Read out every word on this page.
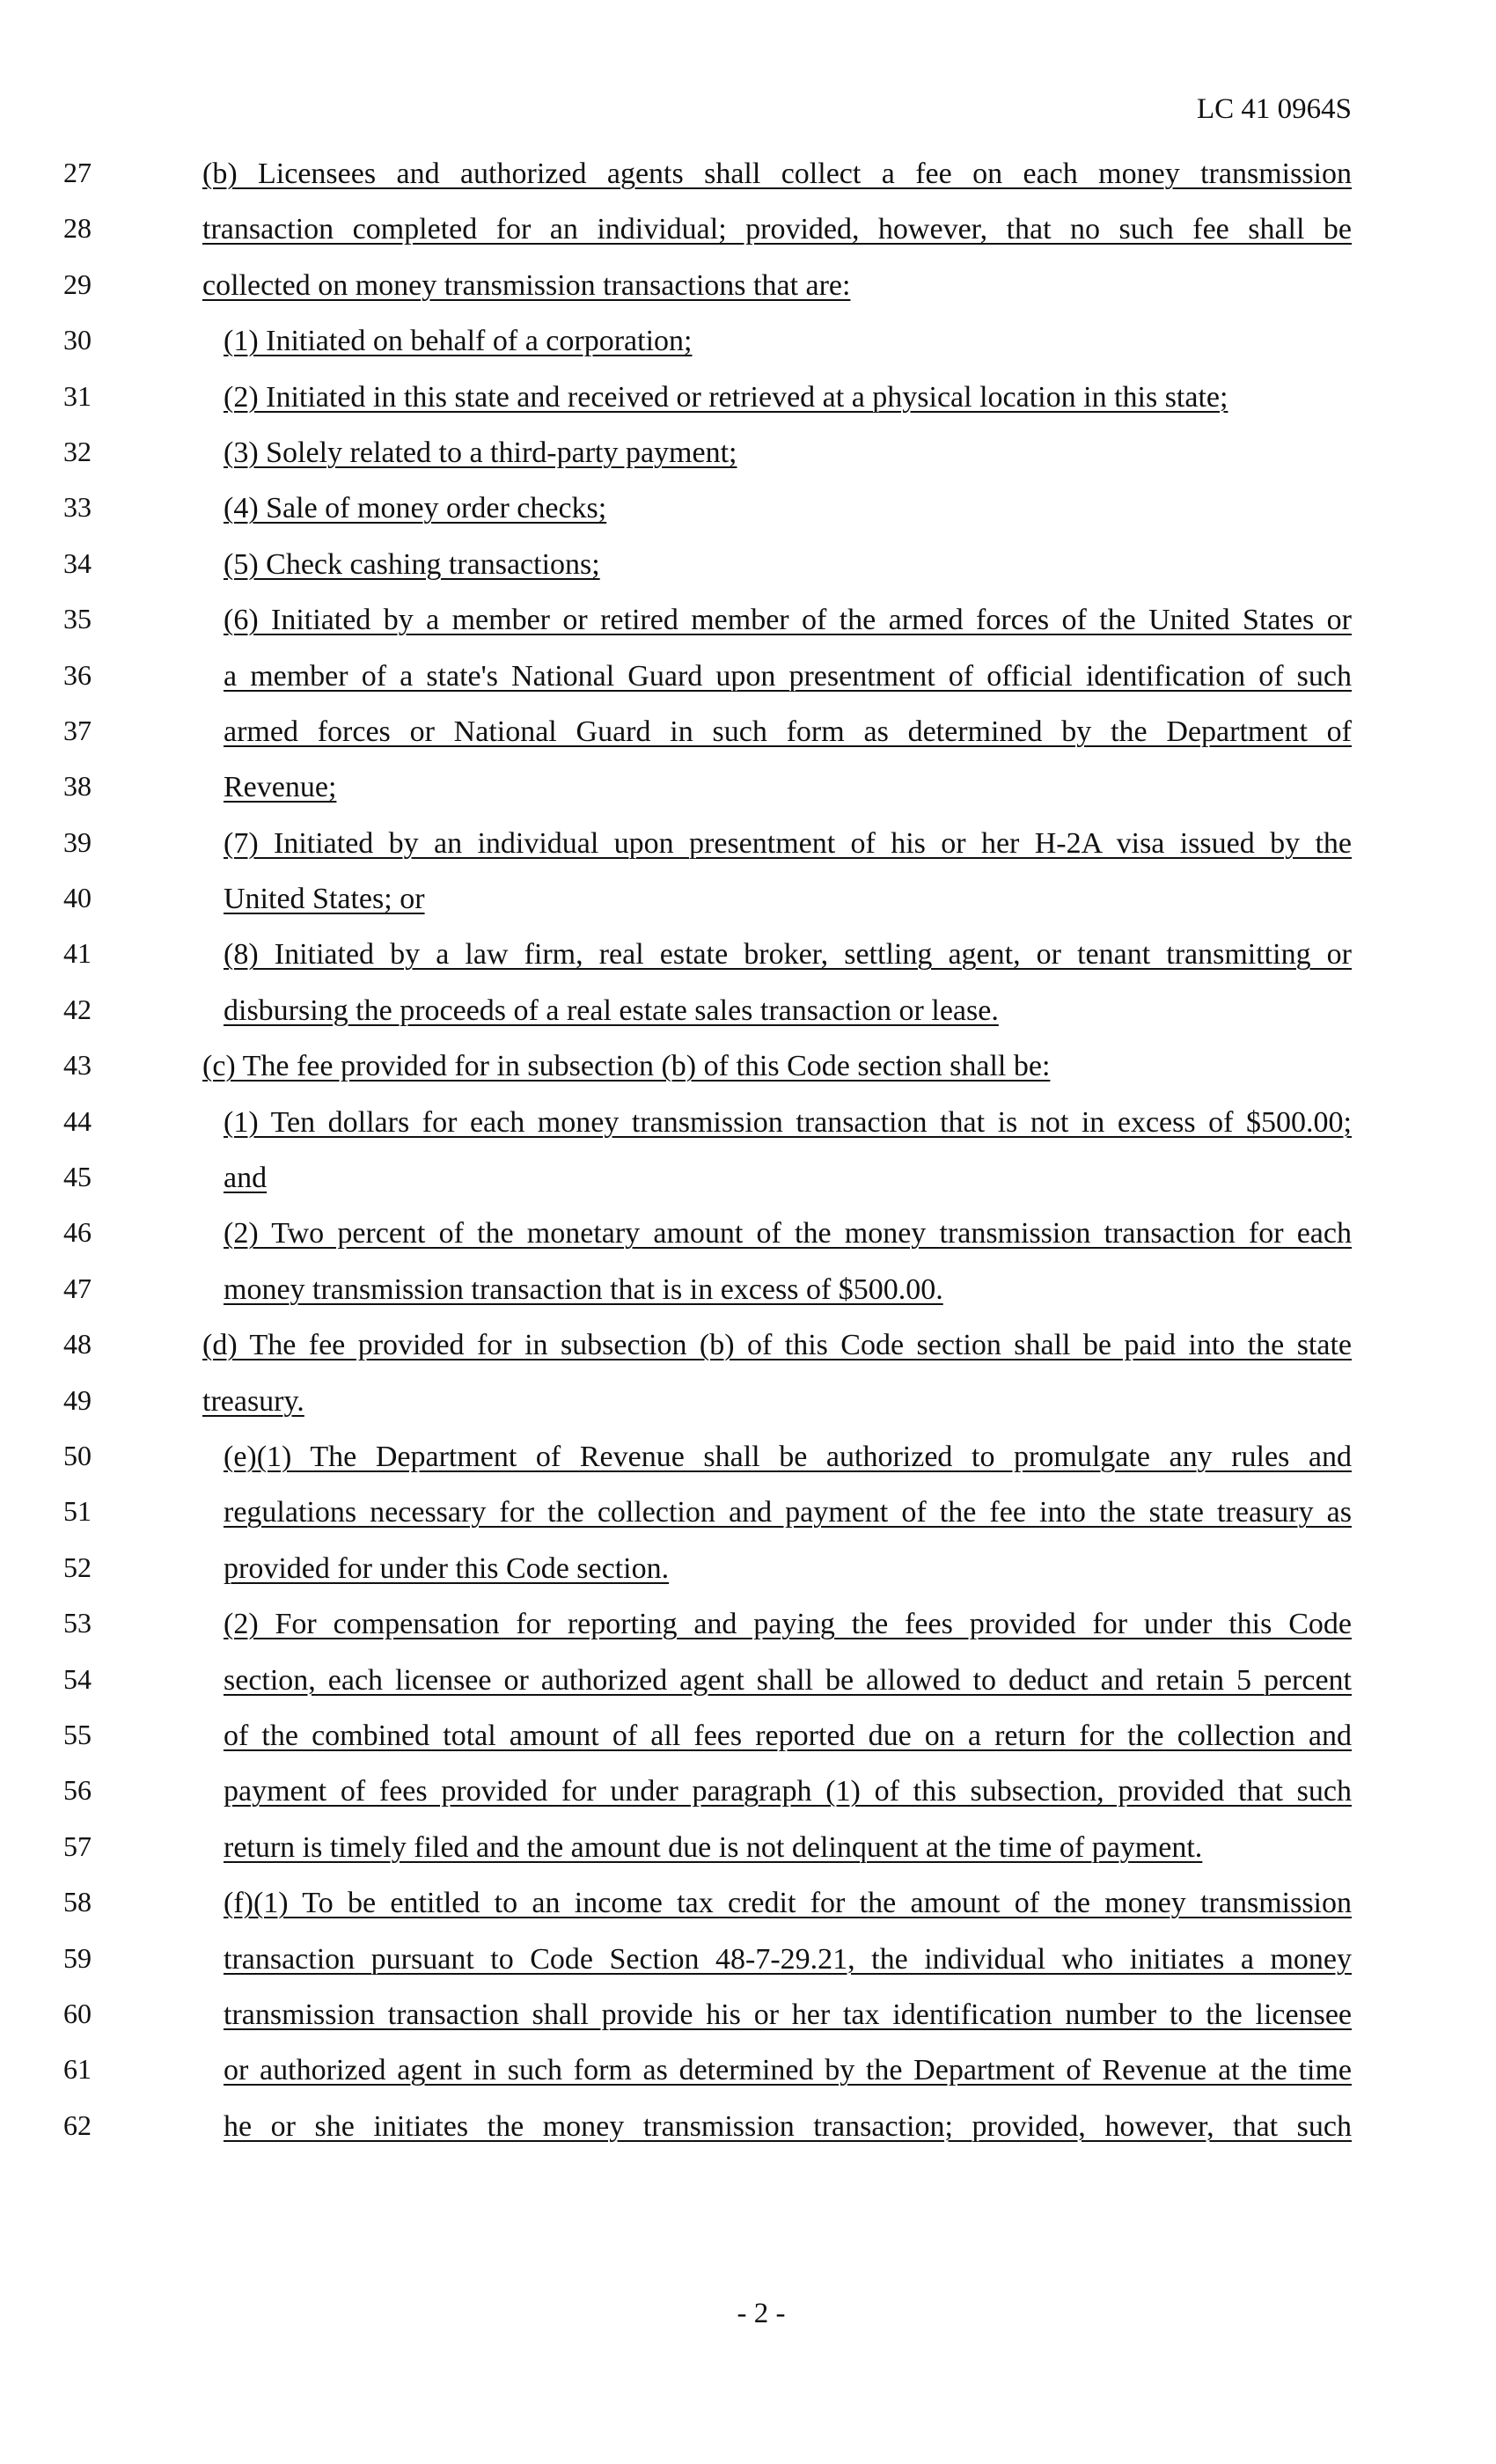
LC 41 0964S
27	(b) Licensees and authorized agents shall collect a fee on each money transmission
28	transaction completed for an individual; provided, however, that no such fee shall be
29	collected on money transmission transactions that are:
30	(1) Initiated on behalf of a corporation;
31	(2) Initiated in this state and received or retrieved at a physical location in this state;
32	(3) Solely related to a third-party payment;
33	(4) Sale of money order checks;
34	(5) Check cashing transactions;
35	(6) Initiated by a member or retired member of the armed forces of the United States or
36	a member of a state's National Guard upon presentment of official identification of such
37	armed forces or National Guard in such form as determined by the Department of
38	Revenue;
39	(7) Initiated by an individual upon presentment of his or her H-2A visa issued by the
40	United States; or
41	(8) Initiated by a law firm, real estate broker, settling agent, or tenant transmitting or
42	disbursing the proceeds of a real estate sales transaction or lease.
43	(c) The fee provided for in subsection (b) of this Code section shall be:
44	(1) Ten dollars for each money transmission transaction that is not in excess of $500.00;
45	and
46	(2) Two percent of the monetary amount of the money transmission transaction for each
47	money transmission transaction that is in excess of $500.00.
48	(d) The fee provided for in subsection (b) of this Code section shall be paid into the state
49	treasury.
50	(e)(1) The Department of Revenue shall be authorized to promulgate any rules and
51	regulations necessary for the collection and payment of the fee into the state treasury as
52	provided for under this Code section.
53	(2) For compensation for reporting and paying the fees provided for under this Code
54	section, each licensee or authorized agent shall be allowed to deduct and retain 5 percent
55	of the combined total amount of all fees reported due on a return for the collection and
56	payment of fees provided for under paragraph (1) of this subsection, provided that such
57	return is timely filed and the amount due is not delinquent at the time of payment.
58	(f)(1) To be entitled to an income tax credit for the amount of the money transmission
59	transaction pursuant to Code Section 48-7-29.21, the individual who initiates a money
60	transmission transaction shall provide his or her tax identification number to the licensee
61	or authorized agent in such form as determined by the Department of Revenue at the time
62	he or she initiates the money transmission transaction; provided, however, that such
- 2 -
